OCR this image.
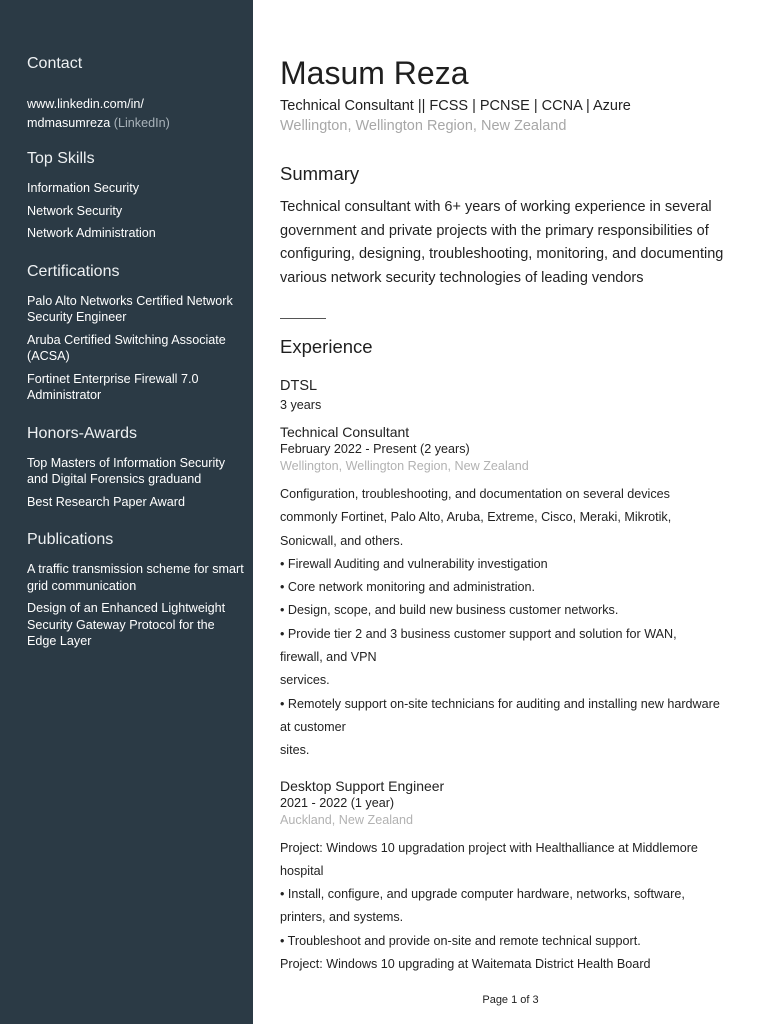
Contact
www.linkedin.com/in/
mdmasumreza (LinkedIn)
Top Skills
Information Security
Network Security
Network Administration
Certifications
Palo Alto Networks Certified Network Security Engineer
Aruba Certified Switching Associate (ACSA)
Fortinet Enterprise Firewall 7.0 Administrator
Honors-Awards
Top Masters of Information Security and Digital Forensics graduand
Best Research Paper Award
Publications
A traffic transmission scheme for smart grid communication
Design of an Enhanced Lightweight Security Gateway Protocol for the Edge Layer
Masum Reza
Technical Consultant || FCSS | PCNSE | CCNA | Azure
Wellington, Wellington Region, New Zealand
Summary
Technical consultant with 6+ years of working experience in several government and private projects with the primary responsibilities of configuring, designing, troubleshooting, monitoring, and documenting various network security technologies of leading vendors
Experience
DTSL
3 years
Technical Consultant
February 2022 - Present (2 years)
Wellington, Wellington Region, New Zealand
Configuration, troubleshooting, and documentation on several devices
commonly Fortinet, Palo Alto, Aruba, Extreme, Cisco, Meraki, Mikrotik,
Sonicwall, and others.
• Firewall Auditing and vulnerability investigation
• Core network monitoring and administration.
• Design, scope, and build new business customer networks.
• Provide tier 2 and 3 business customer support and solution for WAN,
firewall, and VPN
services.
• Remotely support on-site technicians for auditing and installing new hardware
at customer
sites.
Desktop Support Engineer
2021 - 2022 (1 year)
Auckland, New Zealand
Project: Windows 10 upgradation project with Healthalliance at Middlemore
hospital
• Install, configure, and upgrade computer hardware, networks, software,
printers, and systems.
• Troubleshoot and provide on-site and remote technical support.
Project: Windows 10 upgrading at Waitemata District Health Board
Page 1 of 3
